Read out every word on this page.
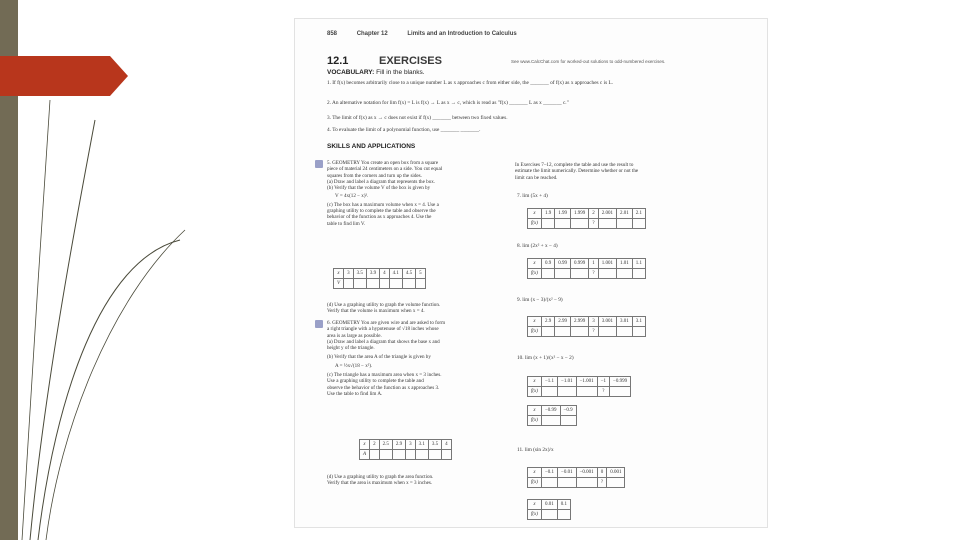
858	Chapter 12	Limits and an Introduction to Calculus
12.1	EXERCISES	See www.CalcChat.com for worked-out solutions to odd-numbered exercises.
VOCABULARY: Fill in the blanks.
1. If f(x) becomes arbitrarily close to a unique number L as x approaches c from either side, the _______ of f(x) as x approaches c is L.
2. An alternative notation for lim f(x) = L is f(x) → L as x → c, which is read as "f(x) _______ L as x _______ c."
3. The limit of f(x) as x → c does not exist if f(x) _______ between two fixed values.
4. To evaluate the limit of a polynomial function, use _______ _______.
SKILLS AND APPLICATIONS
5. GEOMETRY You create an open box from a square
piece of material 24 centimeters on a side. You cut equal
squares from the corners and turn up the sides.
(a) Draw and label a diagram that represents the box.
(b) Verify that the volume V of the box is given by
V = 4x(12 − x)².
(c) The box has a maximum volume when x = 4. Use a
graphing utility to complete the table and observe the
behavior of the function as x approaches 4. Use the
table to find lim V.
x	3	3.5	3.9	4	4.1	4.5	5
V							
(d) Use a graphing utility to graph the volume function.
Verify that the volume is maximum when x = 4.
6. GEOMETRY You are given wire and are asked to form
a right triangle with a hypotenuse of √18 inches whose
area is as large as possible.
(a) Draw and label a diagram that shows the base x and
height y of the triangle.
(b) Verify that the area A of the triangle is given by
A = ½x√(18 − x²).
(c) The triangle has a maximum area when x = 3 inches.
Use a graphing utility to complete the table and
observe the behavior of the function as x approaches 3.
Use the table to find lim A.
x	2	2.5	2.9	3	3.1	3.5	4
A							
(d) Use a graphing utility to graph the area function.
Verify that the area is maximum when x = 3 inches.
In Exercises 7–12, complete the table and use the result to
estimate the limit numerically. Determine whether or not the
limit can be reached.
7. lim (5x + 4)
x	1.9	1.99	1.999	2	2.001	2.01	2.1
f(x)				?			
8. lim (2x² + x − 4)
x	0.9	0.99	0.999	1	1.001	1.01	1.1
f(x)				?			
9. lim (x − 3)/(x² − 9)
x	2.9	2.99	2.999	3	3.001	3.01	3.1
f(x)				?			
10. lim (x + 1)/(x² − x − 2)
x	−1.1	−1.01	−1.001	−1	−0.999
f(x)				?	
x	−0.99	−0.9
f(x)		
11. lim (sin 2x)/x
x	−0.1	−0.01	−0.001	0	0.001
f(x)				?	
x	0.01	0.1
f(x)		
